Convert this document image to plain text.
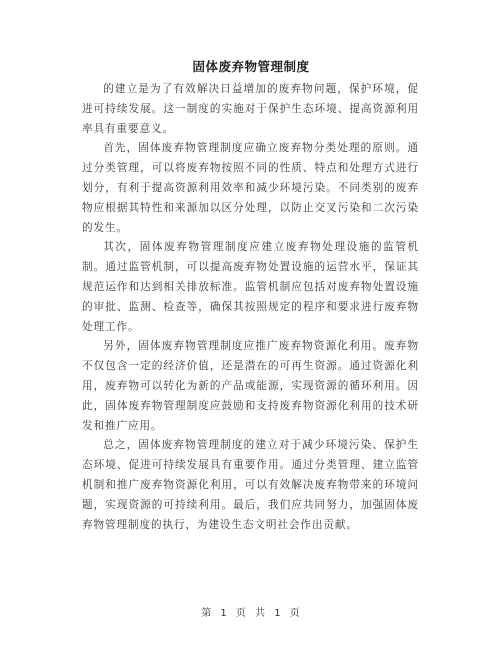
固体废弃物管理制度

的建立是为了有效解决日益增加的废弃物问题，保护环境，促进可持续发展。这一制度的实施对于保护生态环境、提高资源利用率具有重要意义。

首先，固体废弃物管理制度应确立废弃物分类处理的原则。通过分类管理，可以将废弃物按照不同的性质、特点和处理方式进行划分，有利于提高资源利用效率和减少环境污染。不同类别的废弃物应根据其特性和来源加以区分处理，以防止交叉污染和二次污染的发生。

其次，固体废弃物管理制度应建立废弃物处理设施的监管机制。通过监管机制，可以提高废弃物处置设施的运营水平，保证其规范运作和达到相关排放标准。监管机制应包括对废弃物处置设施的审批、监测、检查等，确保其按照规定的程序和要求进行废弃物处理工作。

另外，固体废弃物管理制度应推广废弃物资源化利用。废弃物不仅包含一定的经济价值，还是潜在的可再生资源。通过资源化利用，废弃物可以转化为新的产品或能源，实现资源的循环利用。因此，固体废弃物管理制度应鼓励和支持废弃物资源化利用的技术研发和推广应用。

总之，固体废弃物管理制度的建立对于减少环境污染、保护生态环境、促进可持续发展具有重要作用。通过分类管理、建立监管机制和推广废弃物资源化利用，可以有效解决废弃物带来的环境问题，实现资源的可持续利用。最后，我们应共同努力，加强固体废弃物管理制度的执行，为建设生态文明社会作出贡献。

第 1 页 共 1 页
